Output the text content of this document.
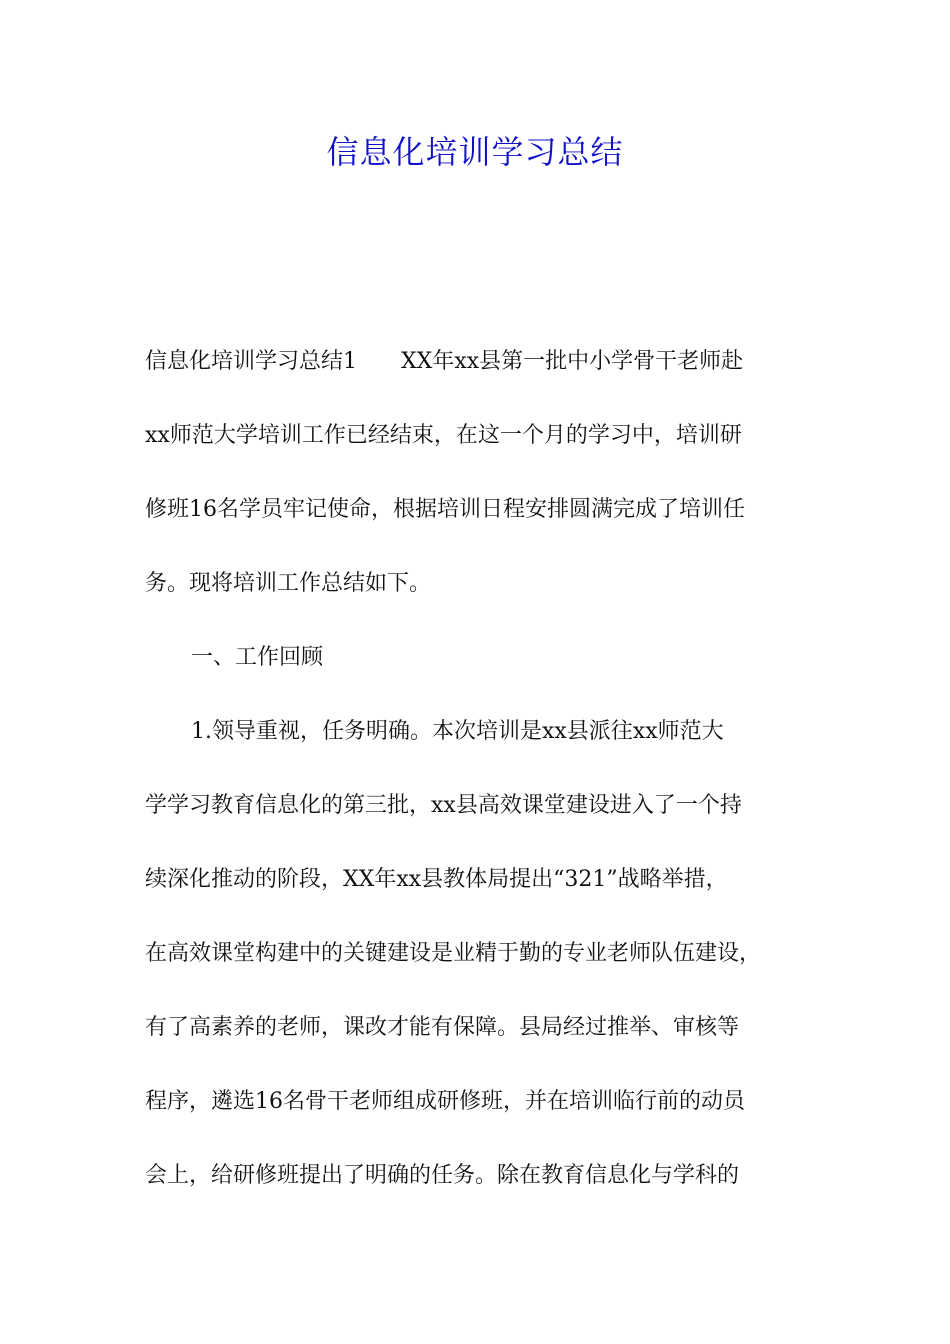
信息化培训学习总结
信息化培训学习总结1　　XX年xx县第一批中小学骨干老师赴
xx师范大学培训工作已经结束，在这一个月的学习中，培训研
修班16名学员牢记使命，根据培训日程安排圆满完成了培训任
务。现将培训工作总结如下。
一、工作回顾
1.领导重视，任务明确。本次培训是xx县派往xx师范大
学学习教育信息化的第三批，xx县高效课堂建设进入了一个持
续深化推动的阶段，XX年xx县教体局提出“321”战略举措，
在高效课堂构建中的关键建设是业精于勤的专业老师队伍建设，
有了高素养的老师，课改才能有保障。县局经过推举、审核等
程序，遴选16名骨干老师组成研修班，并在培训临行前的动员
会上，给研修班提出了明确的任务。除在教育信息化与学科的
